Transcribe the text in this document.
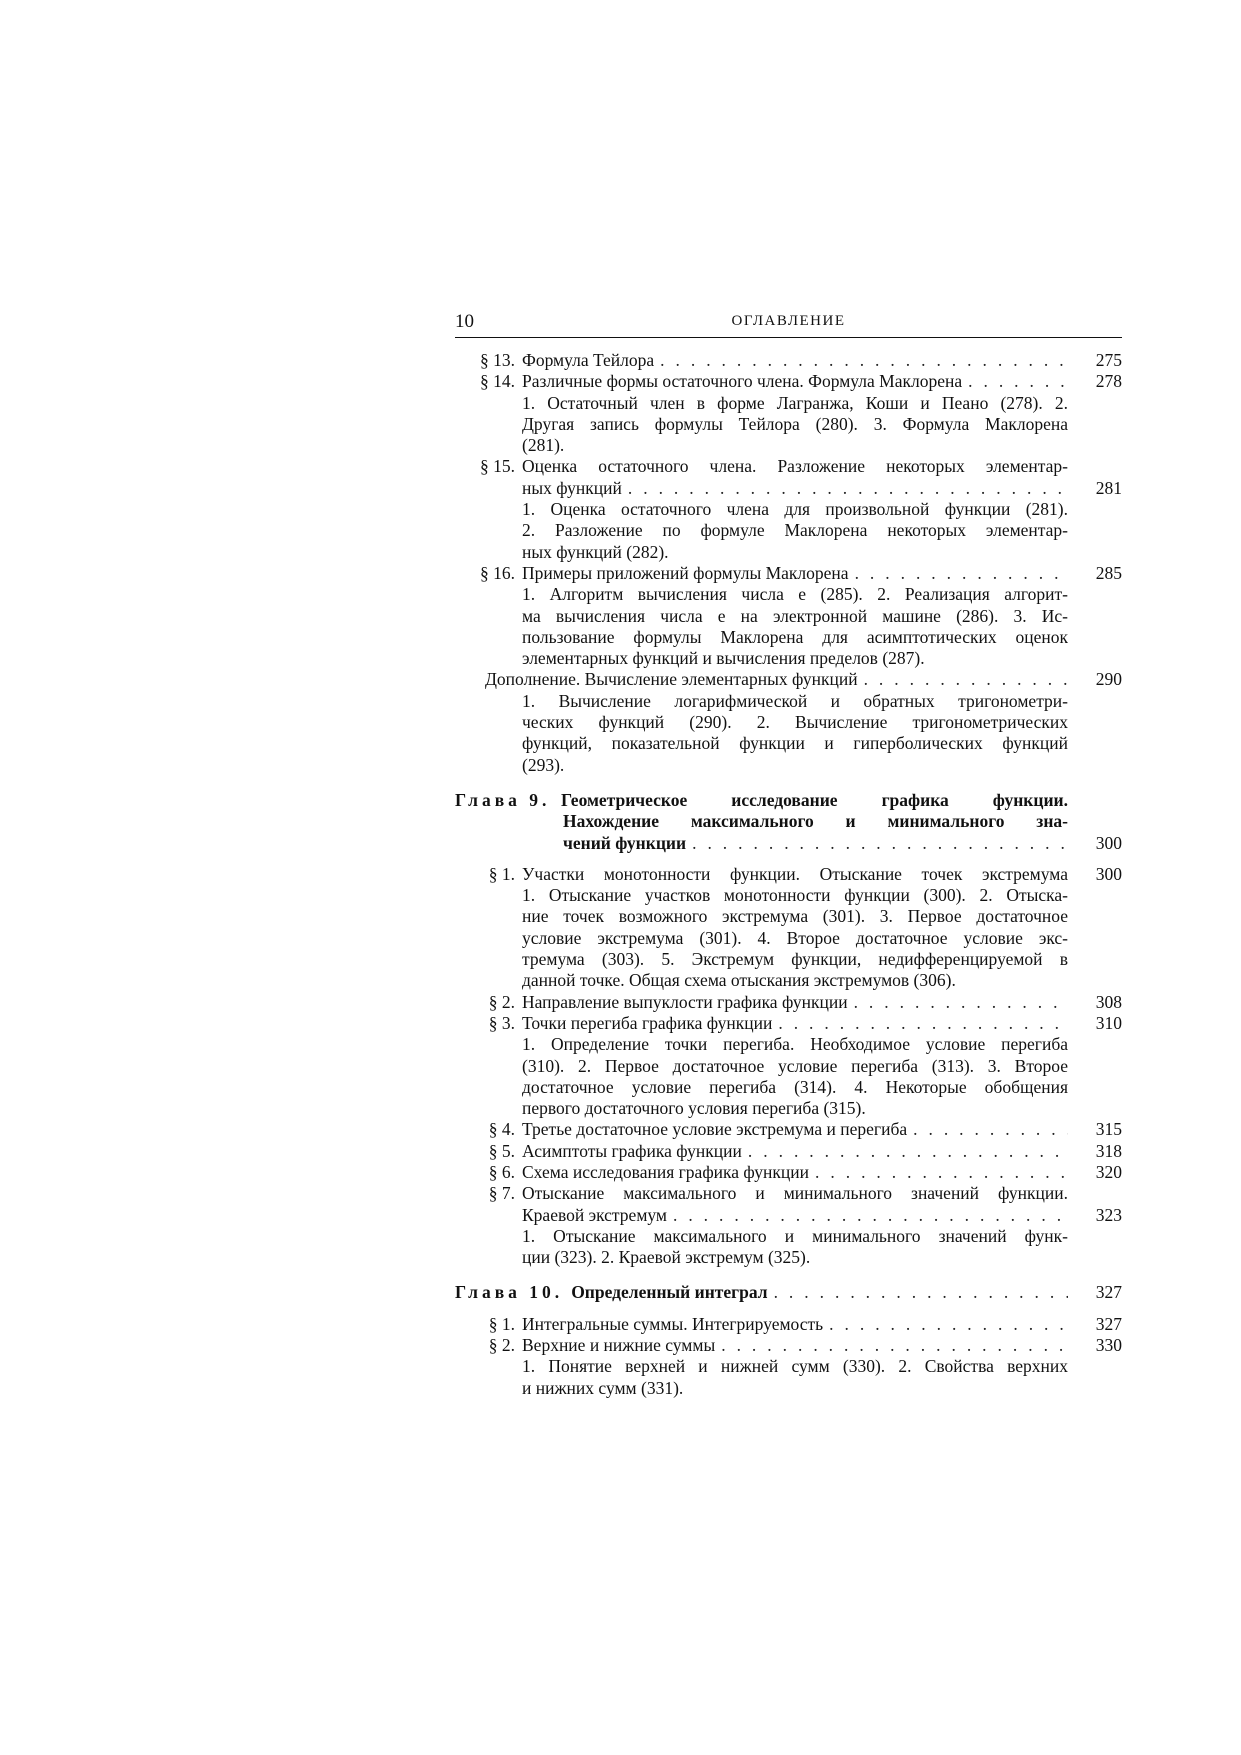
10	ОГЛАВЛЕНИЕ
§ 13. Формула Тейлора . . .	275
§ 14. Различные формы остаточного члена. Формула Маклорена . . .	278
1. Остаточный член в форме Лагранжа, Коши и Пеано (278). 2.
Другая запись формулы Тейлора (280). 3. Формула Маклорена
(281).
§ 15. Оценка остаточного члена. Разложение некоторых элементар-
ных функций . . .	281
1. Оценка остаточного члена для произвольной функции (281).
2. Разложение по формуле Маклорена некоторых элементар-
ных функций (282).
§ 16. Примеры приложений формулы Маклорена . . .	285
1. Алгоритм вычисления числа e (285). 2. Реализация алгорит-
ма вычисления числа e на электронной машине (286). 3. Ис-
пользование формулы Маклорена для асимптотических оценок
элементарных функций и вычисления пределов (287).
Дополнение. Вычисление элементарных функций . . .	290
1. Вычисление логарифмической и обратных тригонометри-
ческих функций (290). 2. Вычисление тригонометрических
функций, показательной функции и гиперболических функций
(293).
Глава 9. Геометрическое исследование графика функции.
Нахождение максимального и минимального зна-
чений функции . . .	300
§ 1. Участки монотонности функции. Отыскание точек экстремума	300
1. Отыскание участков монотонности функции (300). 2. Отыска-
ние точек возможного экстремума (301). 3. Первое достаточное
условие экстремума (301). 4. Второе достаточное условие экс-
тремума (303). 5. Экстремум функции, недифференцируемой в
данной точке. Общая схема отыскания экстремумов (306).
§ 2. Направление выпуклости графика функции . . .	308
§ 3. Точки перегиба графика функции . . .	310
1. Определение точки перегиба. Необходимое условие перегиба
(310). 2. Первое достаточное условие перегиба (313). 3. Второе
достаточное условие перегиба (314). 4. Некоторые обобщения
первого достаточного условия перегиба (315).
§ 4. Третье достаточное условие экстремума и перегиба . . .	315
§ 5. Асимптоты графика функции . . .	318
§ 6. Схема исследования графика функции . . .	320
§ 7. Отыскание максимального и минимального значений функции.
Краевой экстремум . . .	323
1. Отыскание максимального и минимального значений функ-
ции (323). 2. Краевой экстремум (325).
Глава 10. Определенный интеграл . . .	327
§ 1. Интегральные суммы. Интегрируемость . . .	327
§ 2. Верхние и нижние суммы . . .	330
1. Понятие верхней и нижней сумм (330). 2. Свойства верхних
и нижних сумм (331).
